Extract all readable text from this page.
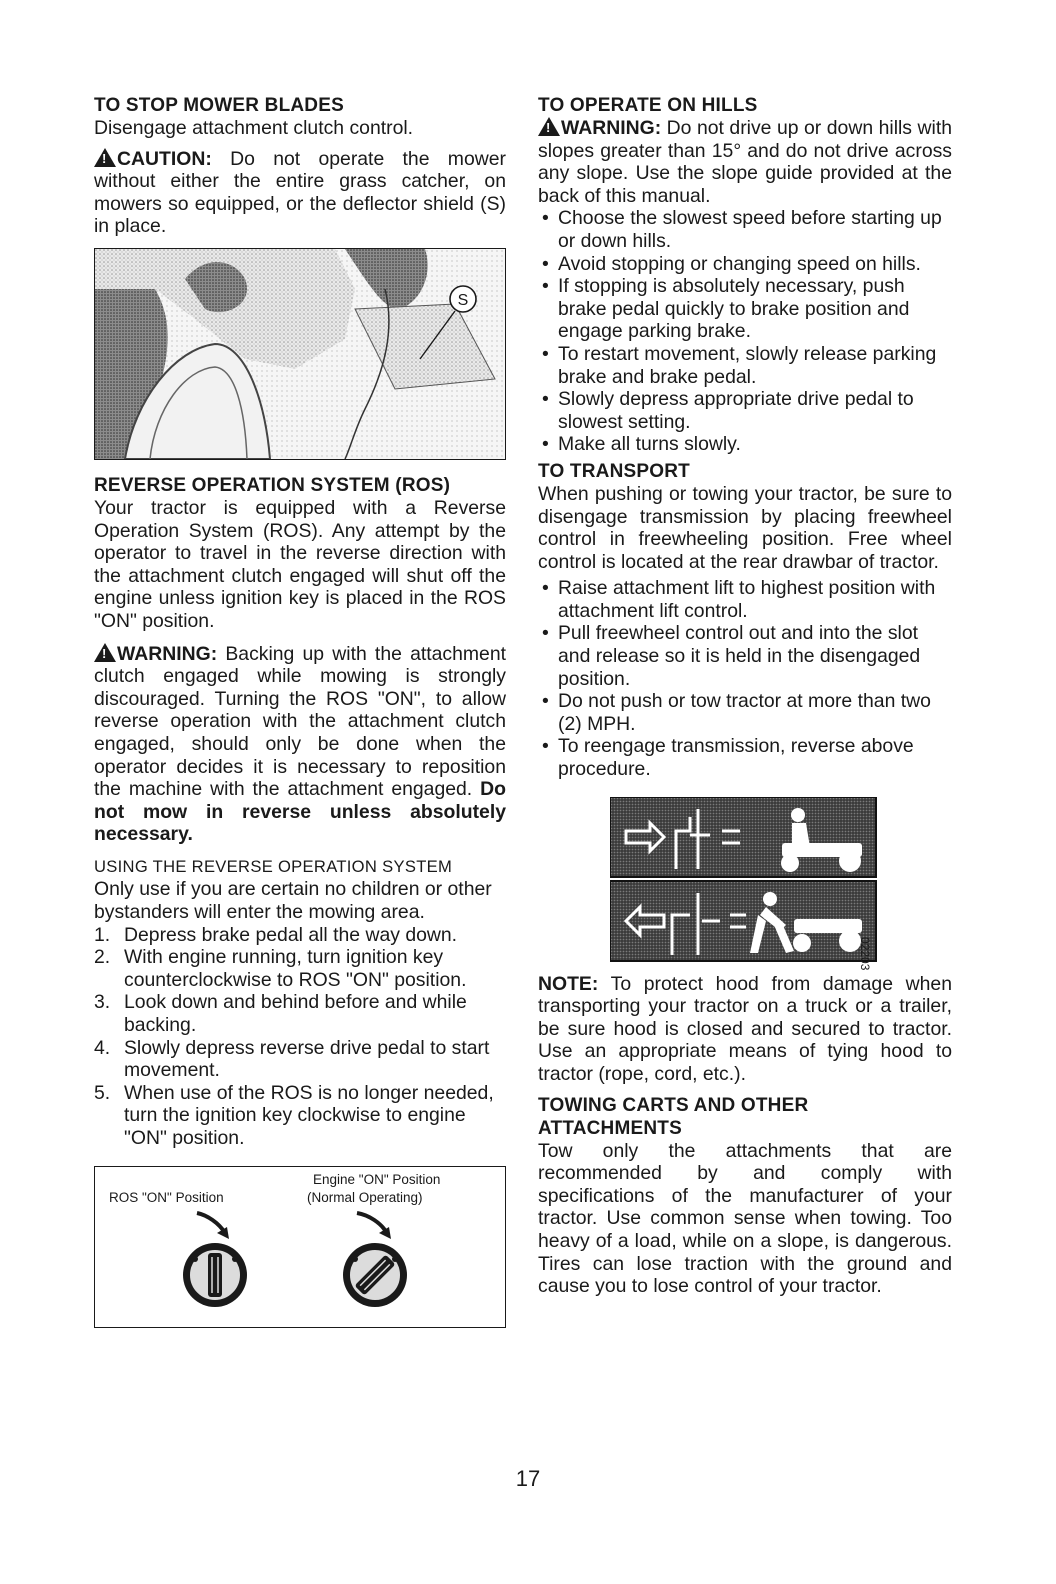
TO STOP MOWER BLADES

Disengage attachment clutch control.

!CAUTION: Do not operate the mower without either the entire grass catcher, on mowers so equipped, or the deflector shield (S) in place.

S
REVERSE OPERATION SYSTEM (ROS)

Your tractor is equipped with a Reverse Operation System (ROS). Any attempt by the operator to travel in the reverse direction with the attachment clutch engaged will shut off the engine unless ignition key is placed in the ROS "ON" position.

!WARNING: Backing up with the attachment clutch engaged while mowing is strongly discouraged. Turning the ROS "ON", to allow reverse operation with the attachment clutch engaged, should only be done when the operator decides it is necessary to reposition the machine with the attachment engaged. Do not mow in reverse unless absolutely necessary.

USING THE REVERSE OPERATION SYSTEM

Only use if you are certain no children or other bystanders will enter the mowing area.

1. Depress brake pedal all the way down.
2. With engine running, turn ignition key counterclockwise to ROS "ON" position.
3. Look down and behind before and while backing.
4. Slowly depress reverse drive pedal to start movement.
5. When use of the ROS is no longer needed, turn the ignition key clockwise to engine "ON" position.
ROS "ON" Position
Engine "ON" Position
(Normal Operating)
TO OPERATE ON HILLS

!WARNING: Do not drive up or down hills with slopes greater than 15° and do not drive across any slope. Use the slope guide provided at the back of this manual.

• Choose the slowest speed before starting up or down hills.
• Avoid stopping or changing speed on hills.
• If stopping is absolutely necessary, push brake pedal quickly to brake position and engage parking brake.
• To restart movement, slowly release parking brake and brake pedal.
• Slowly depress appropriate drive pedal to slowest setting.
• Make all turns slowly.
TO TRANSPORT

When pushing or towing your tractor, be sure to disengage transmission by placing freewheel control in freewheeling position. Free wheel control is located at the rear drawbar of tractor.

• Raise attachment lift to highest position with attachment lift control.
• Pull freewheel control out and into the slot and release so it is held in the disengaged position.
• Do not push or tow tractor at more than two (2) MPH.
• To reengage transmission, reverse above procedure.
02203

NOTE: To protect hood from damage when transporting your tractor on a truck or a trailer, be sure hood is closed and secured to tractor. Use an appropriate means of tying hood to tractor (rope, cord, etc.).

TOWING CARTS AND OTHER ATTACHMENTS

Tow only the attachments that are recommended by and comply with specifications of the manufacturer of your tractor. Use common sense when towing. Too heavy of a load, while on a slope, is dangerous. Tires can lose traction with the ground and cause you to lose control of your tractor.

17
